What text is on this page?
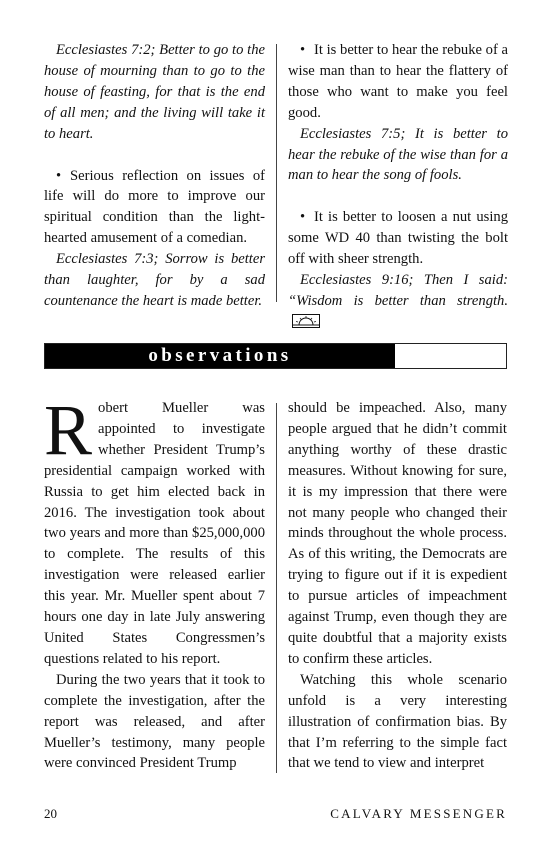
Ecclesiastes 7:2; Better to go to the house of mourning than to go to the house of feasting, for that is the end of all men; and the living will take it to heart.

• Serious reflection on issues of life will do more to improve our spiritual condition than the light-hearted amusement of a comedian.

Ecclesiastes 7:3; Sorrow is better than laughter, for by a sad countenance the heart is made better.

• It is better to hear the rebuke of a wise man than to hear the flattery of those who want to make you feel good.

Ecclesiastes 7:5; It is better to hear the rebuke of the wise than for a man to hear the song of fools.

• It is better to loosen a nut using some WD 40 than twisting the bolt off with sheer strength.

Ecclesiastes 9:16; Then I said: “Wisdom is better than strength.

observations

Robert Mueller was appointed to investigate whether President Trump’s presidential campaign worked with Russia to get him elected back in 2016. The investigation took about two years and more than $25,000,000 to complete. The results of this investigation were released earlier this year. Mr. Mueller spent about 7 hours one day in late July answering United States Congressmen’s questions related to his report.

During the two years that it took to complete the investigation, after the report was released, and after Mueller’s testimony, many people were convinced President Trump

should be impeached. Also, many people argued that he didn’t commit anything worthy of these drastic measures. Without knowing for sure, it is my impression that there were not many people who changed their minds throughout the whole process. As of this writing, the Democrats are trying to figure out if it is expedient to pursue articles of impeachment against Trump, even though they are quite doubtful that a majority exists to confirm these articles.

Watching this whole scenario unfold is a very interesting illustration of confirmation bias. By that I’m referring to the simple fact that we tend to view and interpret

20	CALVARY MESSENGER
